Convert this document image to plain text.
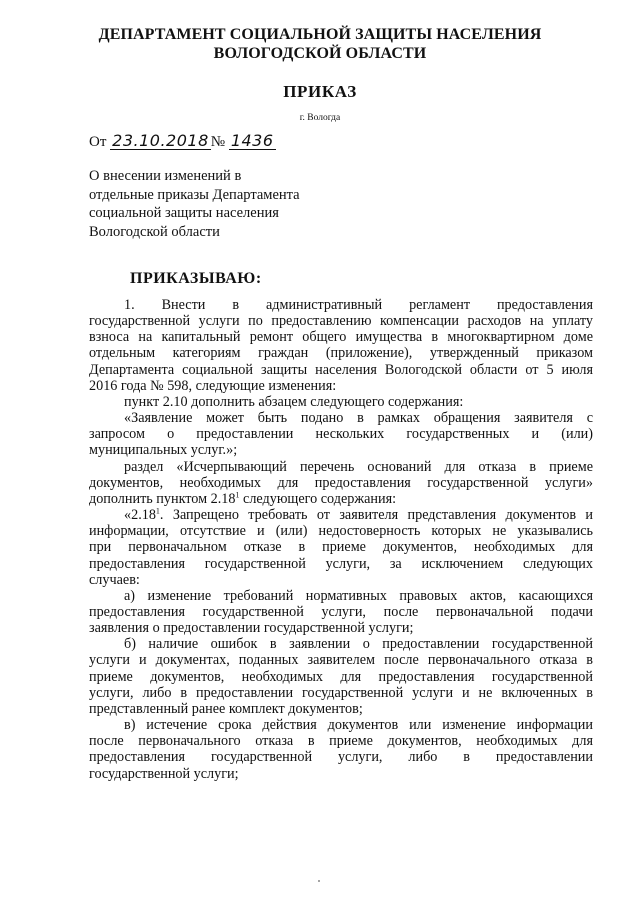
ДЕПАРТАМЕНТ СОЦИАЛЬНОЙ ЗАЩИТЫ НАСЕЛЕНИЯ
ВОЛОГОДСКОЙ ОБЛАСТИ
ПРИКАЗ
г. Вологда
От 23.10.2018 № 1436
О внесении изменений в
отдельные приказы Департамента
социальной защиты населения
Вологодской области
ПРИКАЗЫВАЮ:

1. Внести в административный регламент предоставления

государственной услуги по предоставлению компенсации расходов на уплату

взноса на капитальный ремонт общего имущества в многоквартирном доме

отдельным категориям граждан (приложение), утвержденный приказом

Департамента социальной защиты населения Вологодской области от 5 июля

2016 года № 598, следующие изменения:

пункт 2.10 дополнить абзацем следующего содержания:

«Заявление может быть подано в рамках обращения заявителя с

запросом о предоставлении нескольких государственных и (или)

муниципальных услуг.»;

раздел «Исчерпывающий перечень оснований для отказа в приеме

документов, необходимых для предоставления государственной услуги»

дополнить пунктом 2.18$^1$ следующего содержания:

«2.18$^1$. Запрещено требовать от заявителя представления документов и

информации, отсутствие и (или) недостоверность которых не указывались

при первоначальном отказе в приеме документов, необходимых для

предоставления государственной услуги, за исключением следующих

случаев:

а) изменение требований нормативных правовых актов, касающихся

предоставления государственной услуги, после первоначальной подачи

заявления о предоставлении государственной услуги;

б) наличие ошибок в заявлении о предоставлении государственной

услуги и документах, поданных заявителем после первоначального отказа в

приеме документов, необходимых для предоставления государственной

услуги, либо в предоставлении государственной услуги и не включенных в

представленный ранее комплект документов;

в) истечение срока действия документов или изменение информации

после первоначального отказа в приеме документов, необходимых для

предоставления государственной услуги, либо в предоставлении

государственной услуги;
